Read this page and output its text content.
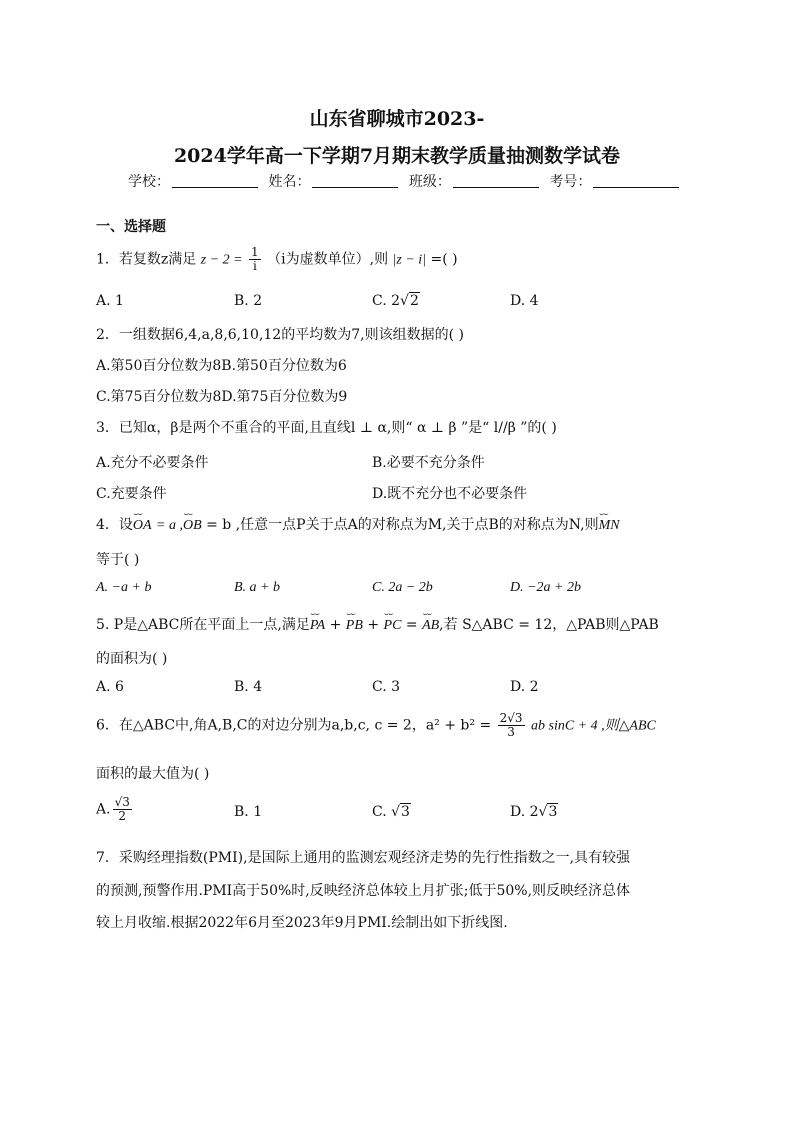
山东省聊城市2023-
2024学年高一下学期7月期末教学质量抽测数学试卷
学校：	姓名：	班级：	考号：
一、选择题
1．若复数z满足 $z - 2 = \frac{1}{i} (i$为虚数单位）,则 |z − i| =( )
A. 1	B. 2	C. 2√2	D. 4
2．一组数据6,4,a,8,6,10,12的平均数为7,则该组数据的( )
A.第50百分位数为8B.第50百分位数为6
C.第75百分位数为8D.第75百分位数为9
3．已知α，β是两个不重合的平面,且直线l ⊥ α,则“ α ⊥ β ”是“ l//β ”的( )
A.充分不必要条件	B.必要不充分条件
C.充要条件	D.既不充分也不必要条件
4．设⌣⌣ OA = a ,⌣⌣ OB = b ,任意一点P关于点A的对称点为M,关于点B的对称点为N,则⌣⌣ MN
等于( )
A. −a + b	B. a + b	C. 2a − 2b	D. −2a + 2b
5. P是△ABC所在平面上一点,满足⌣⌣ PA + ⌣⌣ PB + ⌣⌣ PC = ⌣⌣ AB,若 S△ABC = 12，△PAB则△PAB
的面积为( )
A. 6	B. 4	C. 3	D. 2
6．在△ABC中,角A,B,C的对边分别为a,b,c, c = 2，$a^2 + b^2 = \frac{2√3}{3}$ ab sinC + 4 ,则△ABC
面积的最大值为( )
A. $\frac{√3}{2}$	B. 1	C. √3	D. 2√3
7．采购经理指数(PMI),是国际上通用的监测宏观经济走势的先行性指数之一,具有较强
的预测,预警作用.PMI高于50%时,反映经济总体较上月扩张;低于50%,则反映经济总体
较上月收缩.根据2022年6月至2023年9月PMI.绘制出如下折线图.
